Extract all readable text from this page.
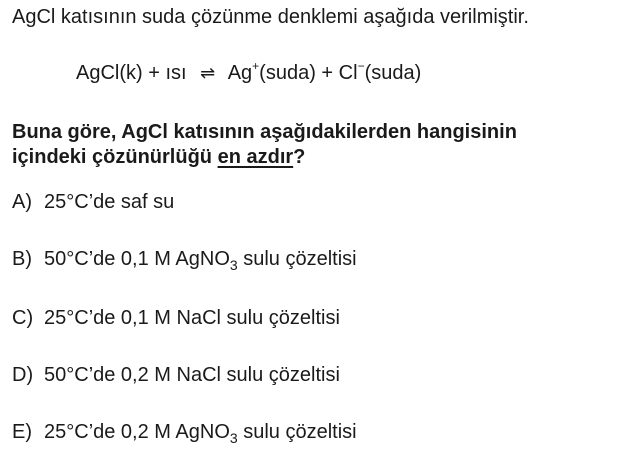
AgCl katısının suda çözünme denklemi aşağıda verilmiştir.
AgCl(k) + ısı ⇌ Ag+(suda) + Cl−(suda)
Buna göre, AgCl katısının aşağıdakilerden hangisinin
içindeki çözünürlüğü en azdır?
A) 25°C’de saf su
B) 50°C’de 0,1 M AgNO$_3$ sulu çözeltisi
C) 25°C’de 0,1 M NaCl sulu çözeltisi
D) 50°C’de 0,2 M NaCl sulu çözeltisi
E) 25°C’de 0,2 M AgNO$_3$ sulu çözeltisi
